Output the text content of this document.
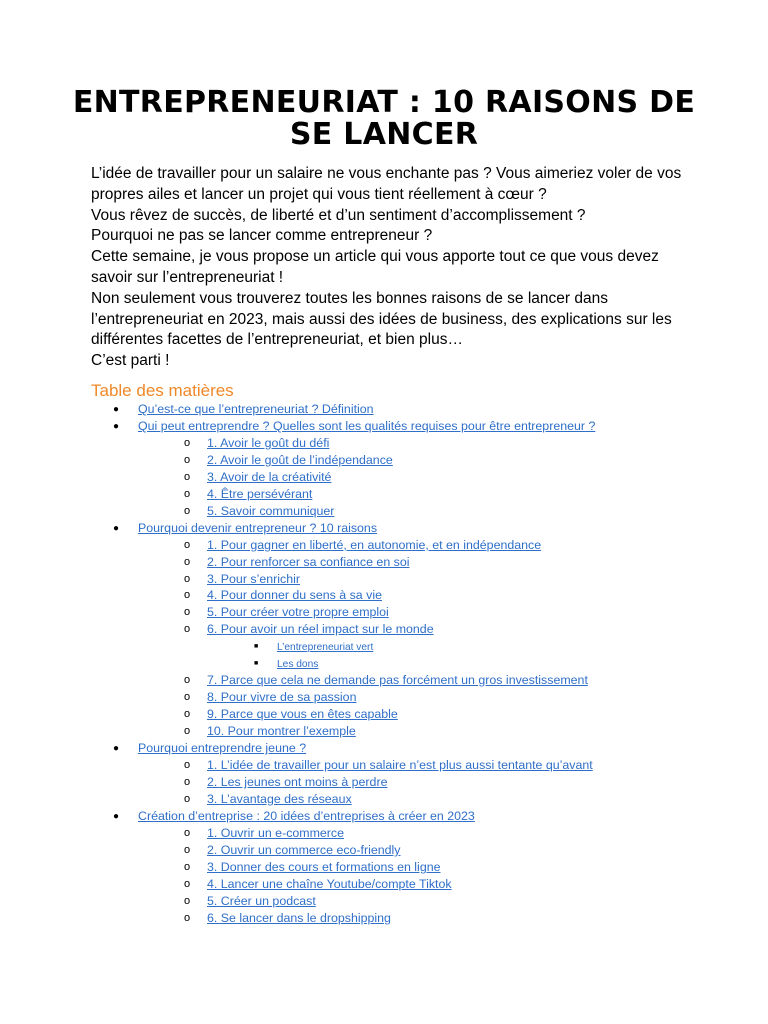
ENTREPRENEURIAT : 10 RAISONS DE SE LANCER

L’idée de travailler pour un salaire ne vous enchante pas ? Vous aimeriez voler de vos propres ailes et lancer un projet qui vous tient réellement à cœur ?

Vous rêvez de succès, de liberté et d’un sentiment d’accomplissement ?

Pourquoi ne pas se lancer comme entrepreneur ?

Cette semaine, je vous propose un article qui vous apporte tout ce que vous devez savoir sur l’entrepreneuriat !

Non seulement vous trouverez toutes les bonnes raisons de se lancer dans l’entrepreneuriat en 2023, mais aussi des idées de business, des explications sur les différentes facettes de l’entrepreneuriat, et bien plus…

C’est parti !

Table des matières
● Qu’est-ce que l’entrepreneuriat ? Définition
● Qui peut entreprendre ? Quelles sont les qualités requises pour être entrepreneur ?
o 1. Avoir le goût du défi
o 2. Avoir le goût de l’indépendance
o 3. Avoir de la créativité
o 4. Être persévérant
o 5. Savoir communiquer
● Pourquoi devenir entrepreneur ? 10 raisons
o 1. Pour gagner en liberté, en autonomie, et en indépendance
o 2. Pour renforcer sa confiance en soi
o 3. Pour s’enrichir
o 4. Pour donner du sens à sa vie
o 5. Pour créer votre propre emploi
o 6. Pour avoir un réel impact sur le monde
■ L’entrepreneuriat vert
■ Les dons
o 7. Parce que cela ne demande pas forcément un gros investissement
o 8. Pour vivre de sa passion
o 9. Parce que vous en êtes capable
o 10. Pour montrer l’exemple
● Pourquoi entreprendre jeune ?
o 1. L’idée de travailler pour un salaire n’est plus aussi tentante qu’avant
o 2. Les jeunes ont moins à perdre
o 3. L’avantage des réseaux
● Création d’entreprise : 20 idées d’entreprises à créer en 2023
o 1. Ouvrir un e-commerce
o 2. Ouvrir un commerce eco-friendly
o 3. Donner des cours et formations en ligne
o 4. Lancer une chaîne Youtube/compte Tiktok
o 5. Créer un podcast
o 6. Se lancer dans le dropshipping
